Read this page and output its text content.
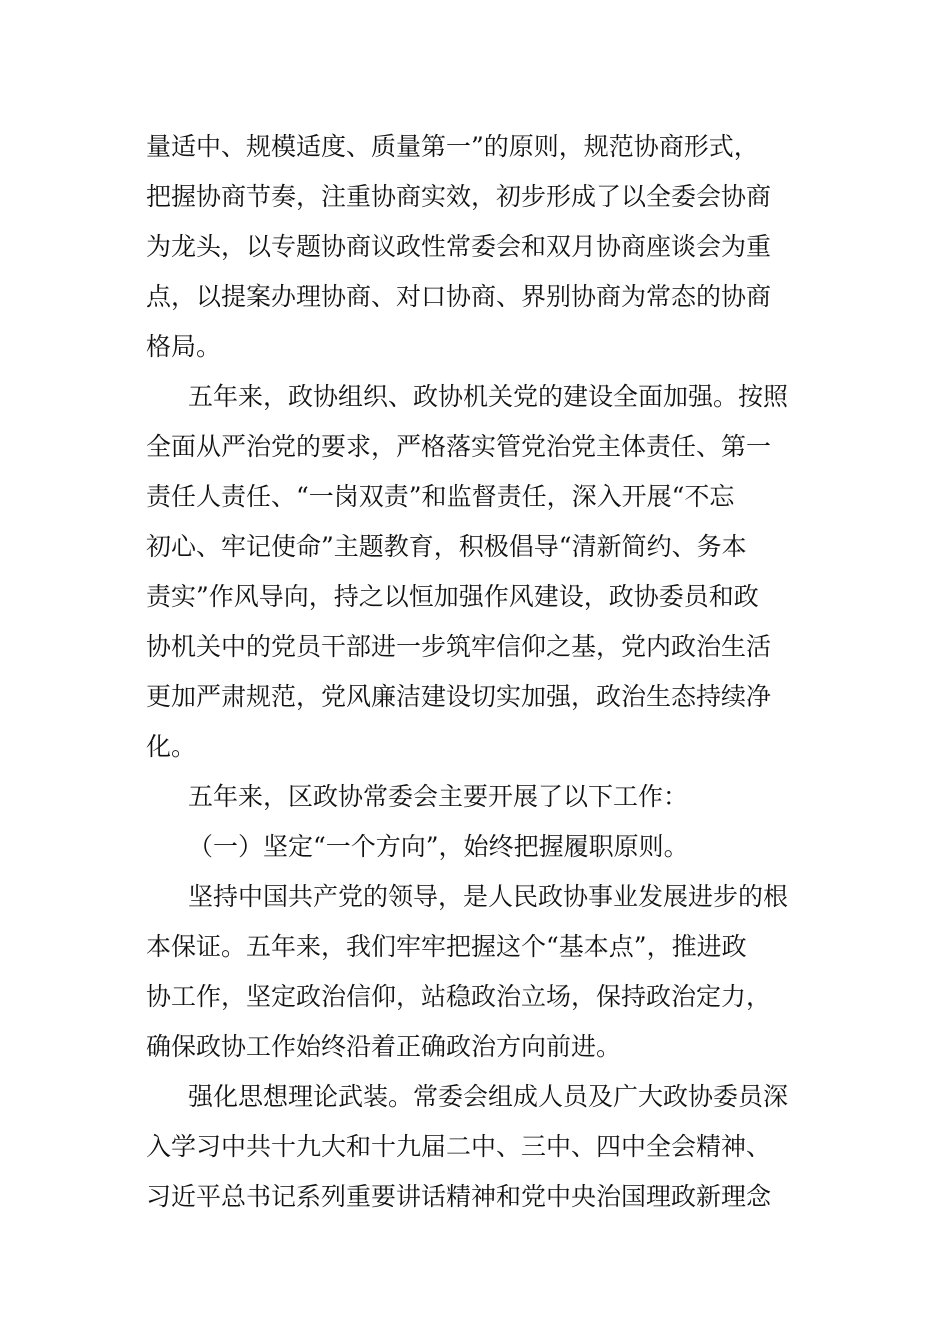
量适中、规模适度、质量第一”的原则，规范协商形式，
把握协商节奏，注重协商实效，初步形成了以全委会协商
为龙头，以专题协商议政性常委会和双月协商座谈会为重
点，以提案办理协商、对口协商、界别协商为常态的协商
格局。
五年来，政协组织、政协机关党的建设全面加强。按照
全面从严治党的要求，严格落实管党治党主体责任、第一
责任人责任、“一岗双责”和监督责任，深入开展“不忘
初心、牢记使命”主题教育，积极倡导“清新简约、务本
责实”作风导向，持之以恒加强作风建设，政协委员和政
协机关中的党员干部进一步筑牢信仰之基，党内政治生活
更加严肃规范，党风廉洁建设切实加强，政治生态持续净
化。
五年来，区政协常委会主要开展了以下工作：
（一）坚定“一个方向”，始终把握履职原则。
坚持中国共产党的领导，是人民政协事业发展进步的根
本保证。五年来，我们牢牢把握这个“基本点”，推进政
协工作，坚定政治信仰，站稳政治立场，保持政治定力，
确保政协工作始终沿着正确政治方向前进。
强化思想理论武装。常委会组成人员及广大政协委员深
入学习中共十九大和十九届二中、三中、四中全会精神、
习近平总书记系列重要讲话精神和党中央治国理政新理念
